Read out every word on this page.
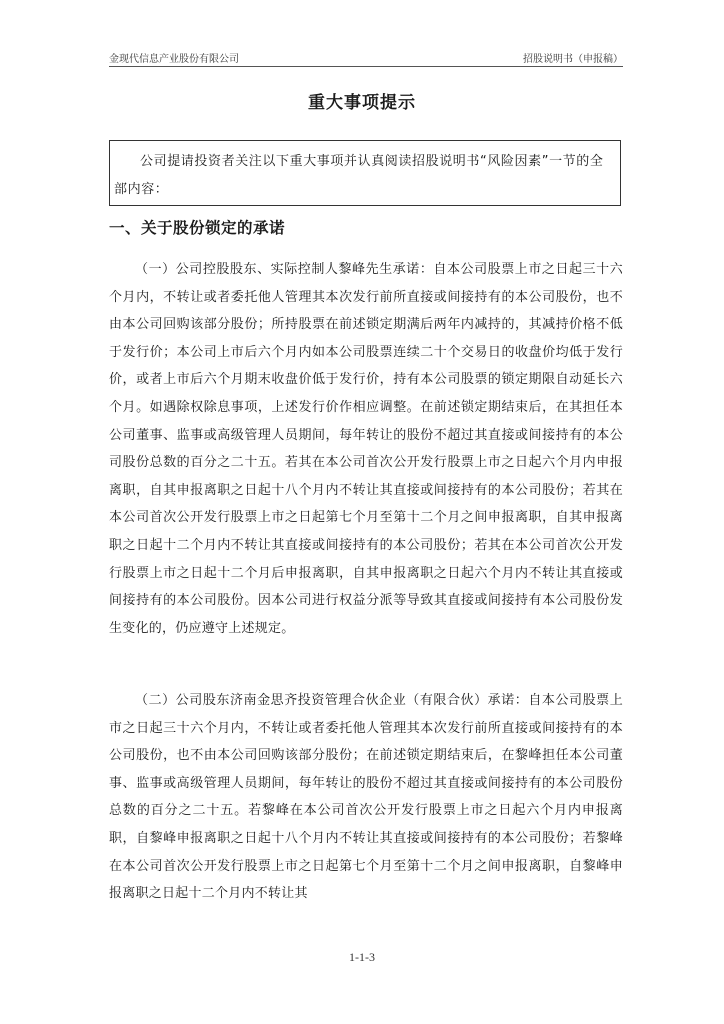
金现代信息产业股份有限公司	招股说明书（申报稿）
重大事项提示
公司提请投资者关注以下重大事项并认真阅读招股说明书“风险因素”一节的全部内容：
一、关于股份锁定的承诺
（一）公司控股股东、实际控制人黎峰先生承诺：自本公司股票上市之日起三十六个月内，不转让或者委托他人管理其本次发行前所直接或间接持有的本公司股份，也不由本公司回购该部分股份；所持股票在前述锁定期满后两年内减持的，其减持价格不低于发行价；本公司上市后六个月内如本公司股票连续二十个交易日的收盘价均低于发行价，或者上市后六个月期末收盘价低于发行价，持有本公司股票的锁定期限自动延长六个月。如遇除权除息事项，上述发行价作相应调整。在前述锁定期结束后，在其担任本公司董事、监事或高级管理人员期间，每年转让的股份不超过其直接或间接持有的本公司股份总数的百分之二十五。若其在本公司首次公开发行股票上市之日起六个月内申报离职，自其申报离职之日起十八个月内不转让其直接或间接持有的本公司股份；若其在本公司首次公开发行股票上市之日起第七个月至第十二个月之间申报离职，自其申报离职之日起十二个月内不转让其直接或间接持有的本公司股份；若其在本公司首次公开发行股票上市之日起十二个月后申报离职，自其申报离职之日起六个月内不转让其直接或间接持有的本公司股份。因本公司进行权益分派等导致其直接或间接持有本公司股份发生变化的，仍应遵守上述规定。
（二）公司股东济南金思齐投资管理合伙企业（有限合伙）承诺：自本公司股票上市之日起三十六个月内，不转让或者委托他人管理其本次发行前所直接或间接持有的本公司股份，也不由本公司回购该部分股份；在前述锁定期结束后，在黎峰担任本公司董事、监事或高级管理人员期间，每年转让的股份不超过其直接或间接持有的本公司股份总数的百分之二十五。若黎峰在本公司首次公开发行股票上市之日起六个月内申报离职，自黎峰申报离职之日起十八个月内不转让其直接或间接持有的本公司股份；若黎峰在本公司首次公开发行股票上市之日起第七个月至第十二个月之间申报离职，自黎峰申报离职之日起十二个月内不转让其
1-1-3
